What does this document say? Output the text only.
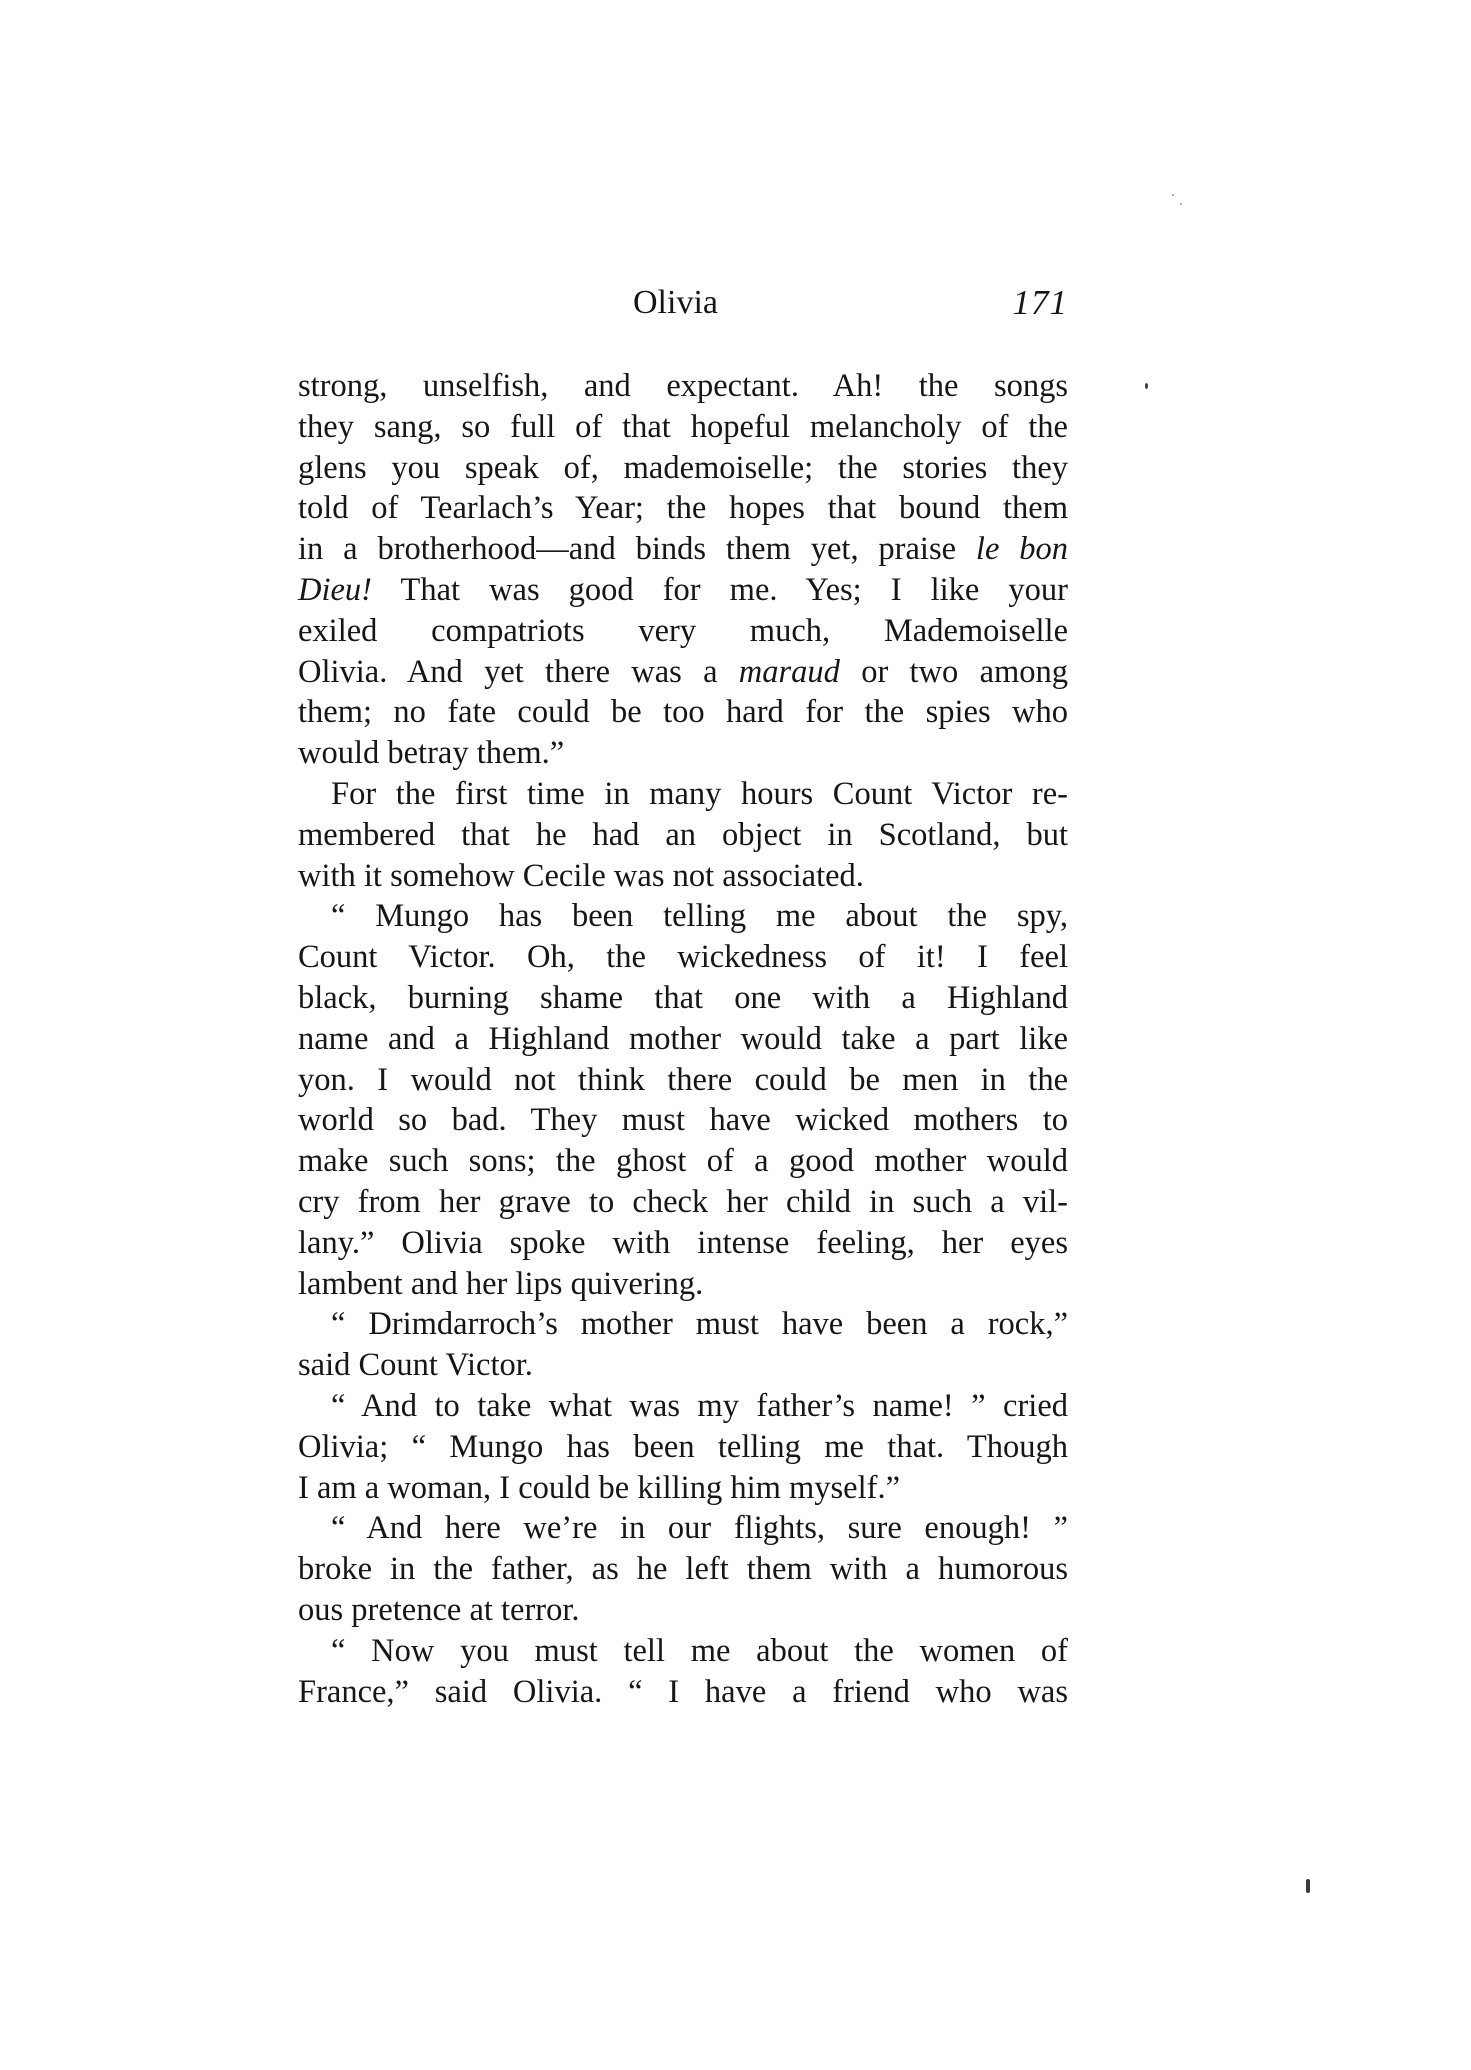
Olivia	171
strong, unselfish, and expectant. Ah! the songs
they sang, so full of that hopeful melancholy of the
glens you speak of, mademoiselle; the stories they
told of Tearlach’s Year; the hopes that bound them
in a brotherhood—and binds them yet, praise le bon
Dieu! That was good for me. Yes; I like your
exiled compatriots very much, Mademoiselle
Olivia. And yet there was a maraud or two among
them; no fate could be too hard for the spies who
would betray them.”
For the first time in many hours Count Victor re-
membered that he had an object in Scotland, but
with it somehow Cecile was not associated.
“ Mungo has been telling me about the spy,
Count Victor. Oh, the wickedness of it! I feel
black, burning shame that one with a Highland
name and a Highland mother would take a part like
yon. I would not think there could be men in the
world so bad. They must have wicked mothers to
make such sons; the ghost of a good mother would
cry from her grave to check her child in such a vil-
lany.” Olivia spoke with intense feeling, her eyes
lambent and her lips quivering.
“ Drimdarroch’s mother must have been a rock,”
said Count Victor.
“ And to take what was my father’s name! ” cried
Olivia; “ Mungo has been telling me that. Though
I am a woman, I could be killing him myself.”
“ And here we’re in our flights, sure enough! ”
broke in the father, as he left them with a humorous
ous pretence at terror.
“ Now you must tell me about the women of
France,” said Olivia. “ I have a friend who was
